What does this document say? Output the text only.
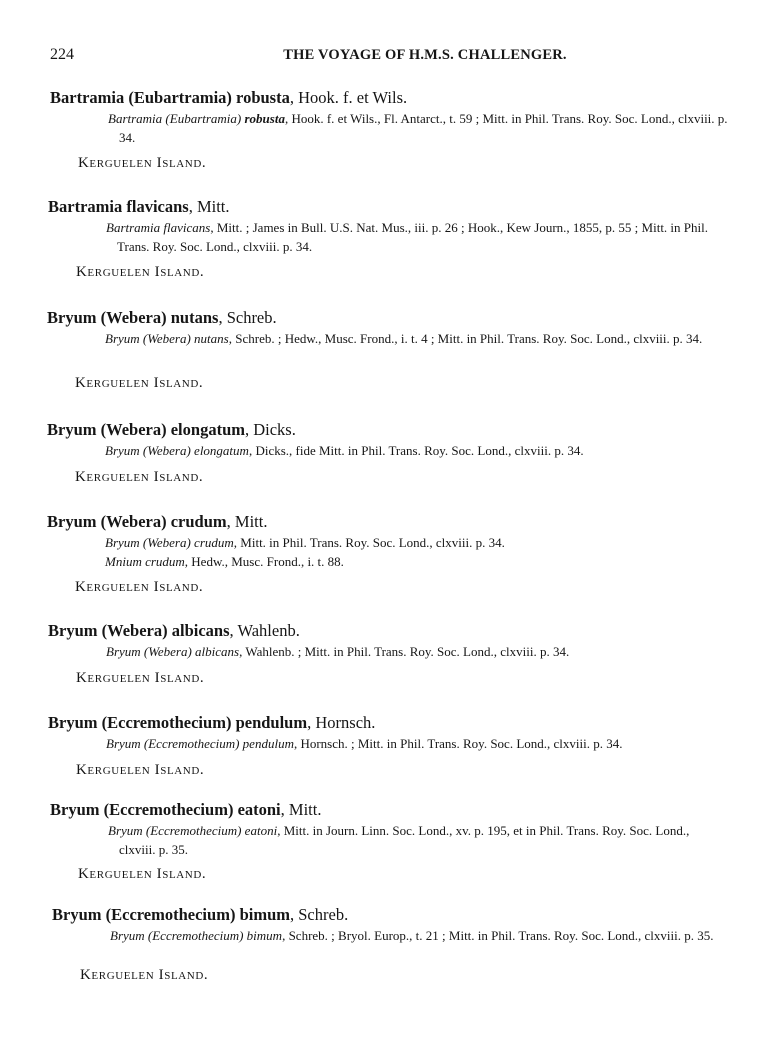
224	THE VOYAGE OF H.M.S. CHALLENGER.
Bartramia (Eubartramia) robusta, Hook. f. et Wils.
Bartramia (Eubartramia) robusta, Hook. f. et Wils., Fl. Antarct., t. 59 ; Mitt. in Phil. Trans. Roy. Soc. Lond., clxviii. p. 34.
Kerguelen Island.
Bartramia flavicans, Mitt.
Bartramia flavicans, Mitt. ; James in Bull. U.S. Nat. Mus., iii. p. 26 ; Hook., Kew Journ., 1855, p. 55 ; Mitt. in Phil. Trans. Roy. Soc. Lond., clxviii. p. 34.
Kerguelen Island.
Bryum (Webera) nutans, Schreb.
Bryum (Webera) nutans, Schreb. ; Hedw., Musc. Frond., i. t. 4 ; Mitt. in Phil. Trans. Roy. Soc. Lond., clxviii. p. 34.
Kerguelen Island.
Bryum (Webera) elongatum, Dicks.
Bryum (Webera) elongatum, Dicks., fide Mitt. in Phil. Trans. Roy. Soc. Lond., clxviii. p. 34.
Kerguelen Island.
Bryum (Webera) crudum, Mitt.
Bryum (Webera) crudum, Mitt. in Phil. Trans. Roy. Soc. Lond., clxviii. p. 34.
Mnium crudum, Hedw., Musc. Frond., i. t. 88.
Kerguelen Island.
Bryum (Webera) albicans, Wahlenb.
Bryum (Webera) albicans, Wahlenb. ; Mitt. in Phil. Trans. Roy. Soc. Lond., clxviii. p. 34.
Kerguelen Island.
Bryum (Eccremothecium) pendulum, Hornsch.
Bryum (Eccremothecium) pendulum, Hornsch. ; Mitt. in Phil. Trans. Roy. Soc. Lond., clxviii. p. 34.
Kerguelen Island.
Bryum (Eccremothecium) eatoni, Mitt.
Bryum (Eccremothecium) eatoni, Mitt. in Journ. Linn. Soc. Lond., xv. p. 195, et in Phil. Trans. Roy. Soc. Lond., clxviii. p. 35.
Kerguelen Island.
Bryum (Eccremothecium) bimum, Schreb.
Bryum (Eccremothecium) bimum, Schreb. ; Bryol. Europ., t. 21 ; Mitt. in Phil. Trans. Roy. Soc. Lond., clxviii. p. 35.
Kerguelen Island.
